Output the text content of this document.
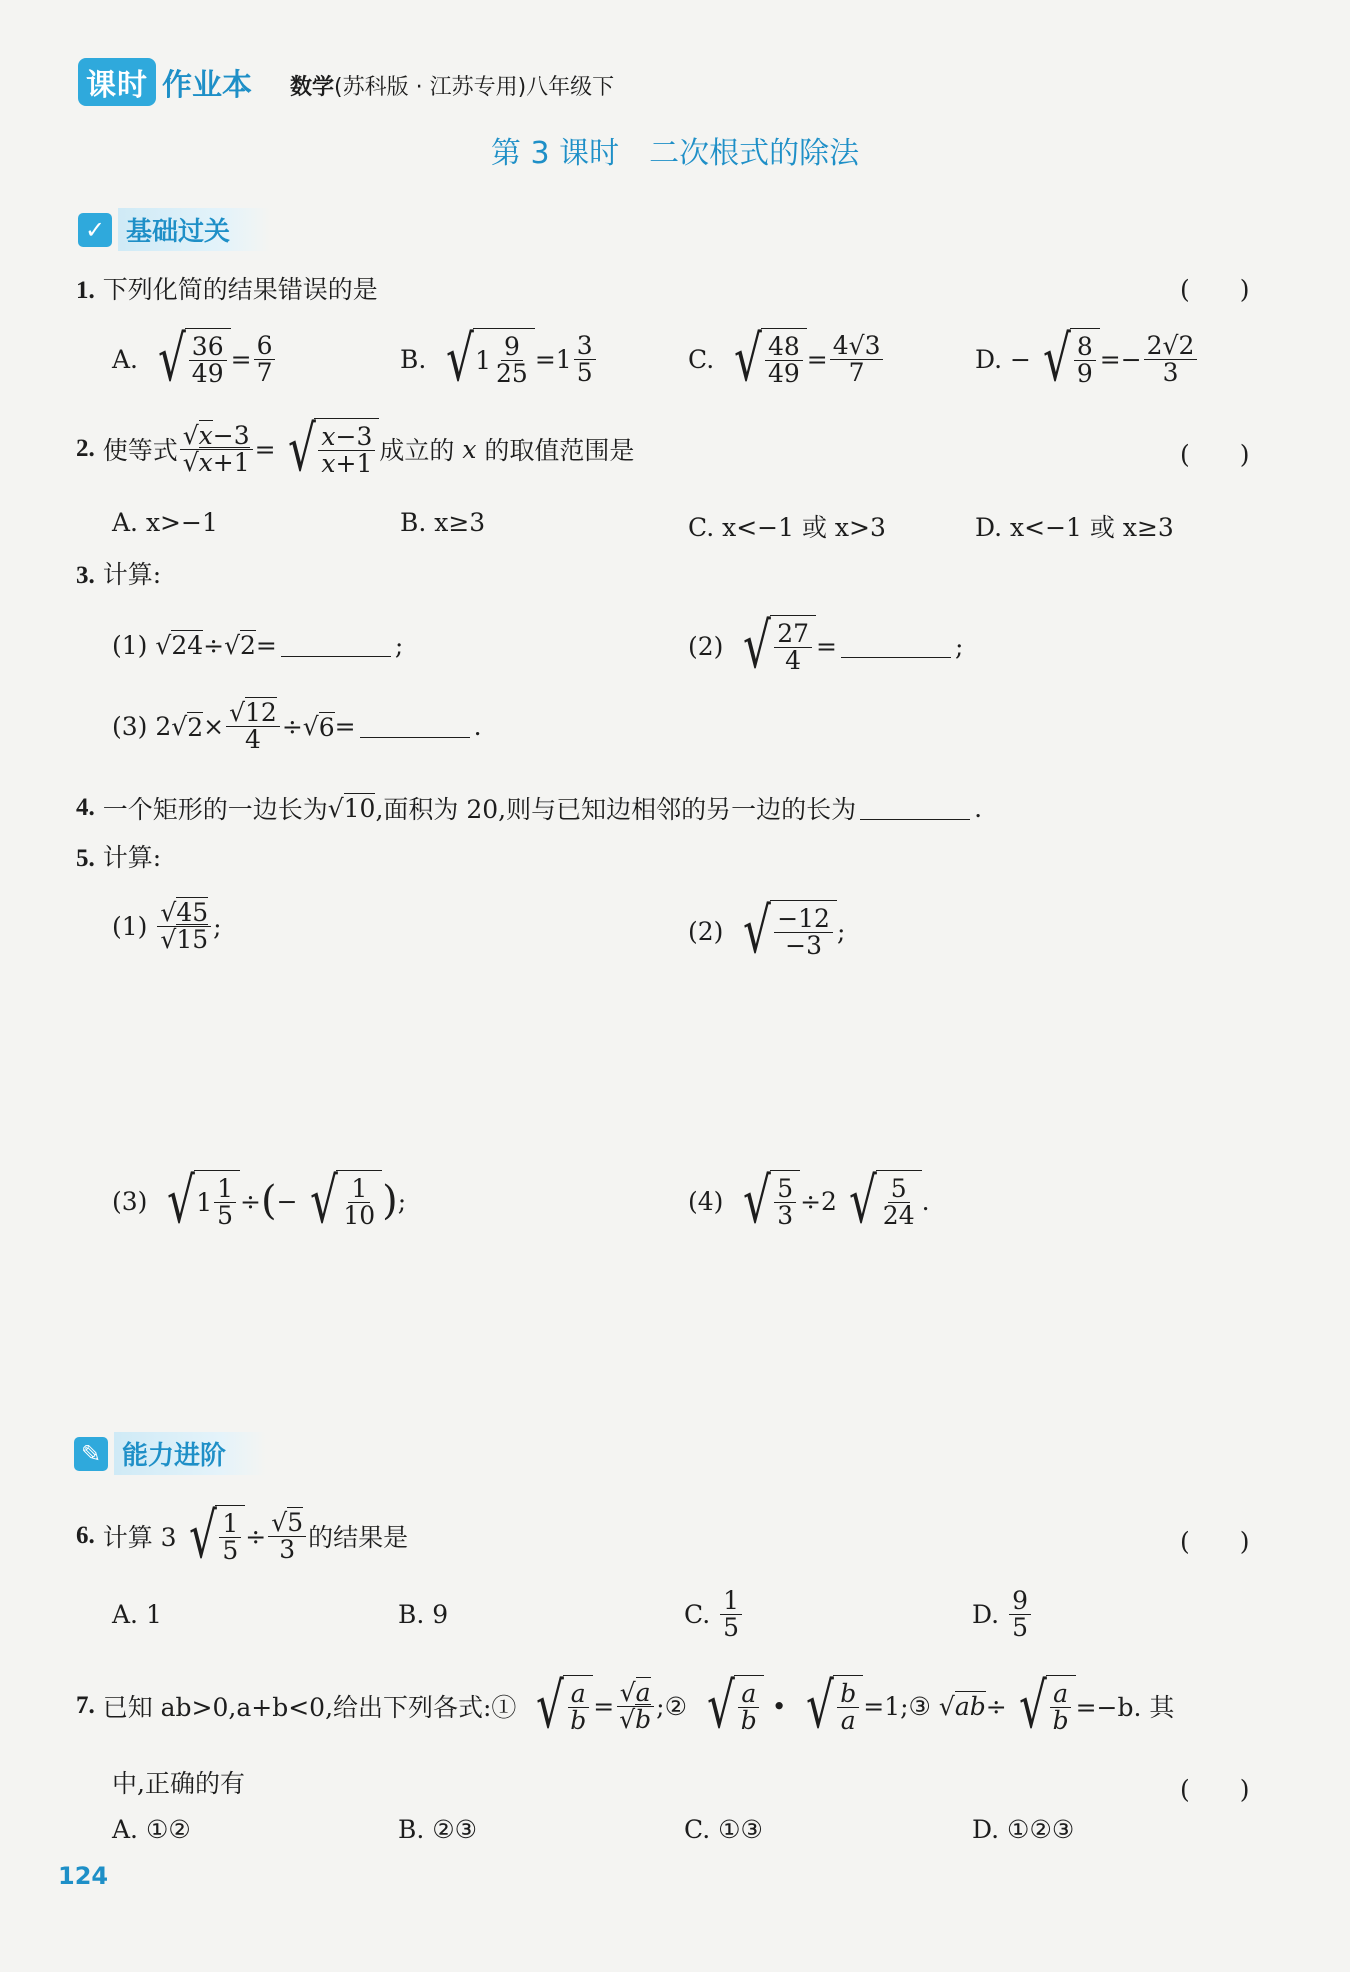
课时 作业本 数学(苏科版 · 江苏专用)八年级下
第 3 课时　二次根式的除法
✓ 基础过关
1. 下列化简的结果错误的是	(　　)
A.
√ 36
49 = 6
7	B.
√ 1 9
25 =1 3
5	C.
√ 48
49 = 4√3
7	D. − √ 8
9 =− 2√2
3
2.
使等式
√x−3
√x+1 = √ x−3
x+1 成立的
x
的取值范围是	(　　)
A. x>−1	B. x≥3	C. x<−1 或 x>3	D. x<−1 或 x≥3
3. 计算:
(1) √ 24 ÷√ 2 =	;	(2)
√ 27
4 =	;
(3) 2√ 2 × √12
4 ÷√ 6 =	.
4.
一个矩形的一边长为 √ 10 ,面积为 20,则与已知边相邻的另一边的长为	.
5. 计算:
(1)
√45
√15 ;	(2)
√ −12
−3 ;
(3)
√ 1 1
5 ÷ ( − √ 1
10 ) ;	(4)
√ 5
3 ÷2 √ 5
24 .
✎ 能力进阶
6.
计算 3 √ 1
5 ÷ √5
3 的结果是	(　　)
A. 1	B. 9	C.
1
5	D.
9
5
7.
已知 ab>0,a+b<0,给出下列各式:①
√ a
b = √a
√b ;②
√ a
b • √ b
a =1;③ √ ab ÷ √ a
b =−b. 其
中,正确的有	(　　)
A. ①②	B. ②③	C. ①③	D. ①②③
124
